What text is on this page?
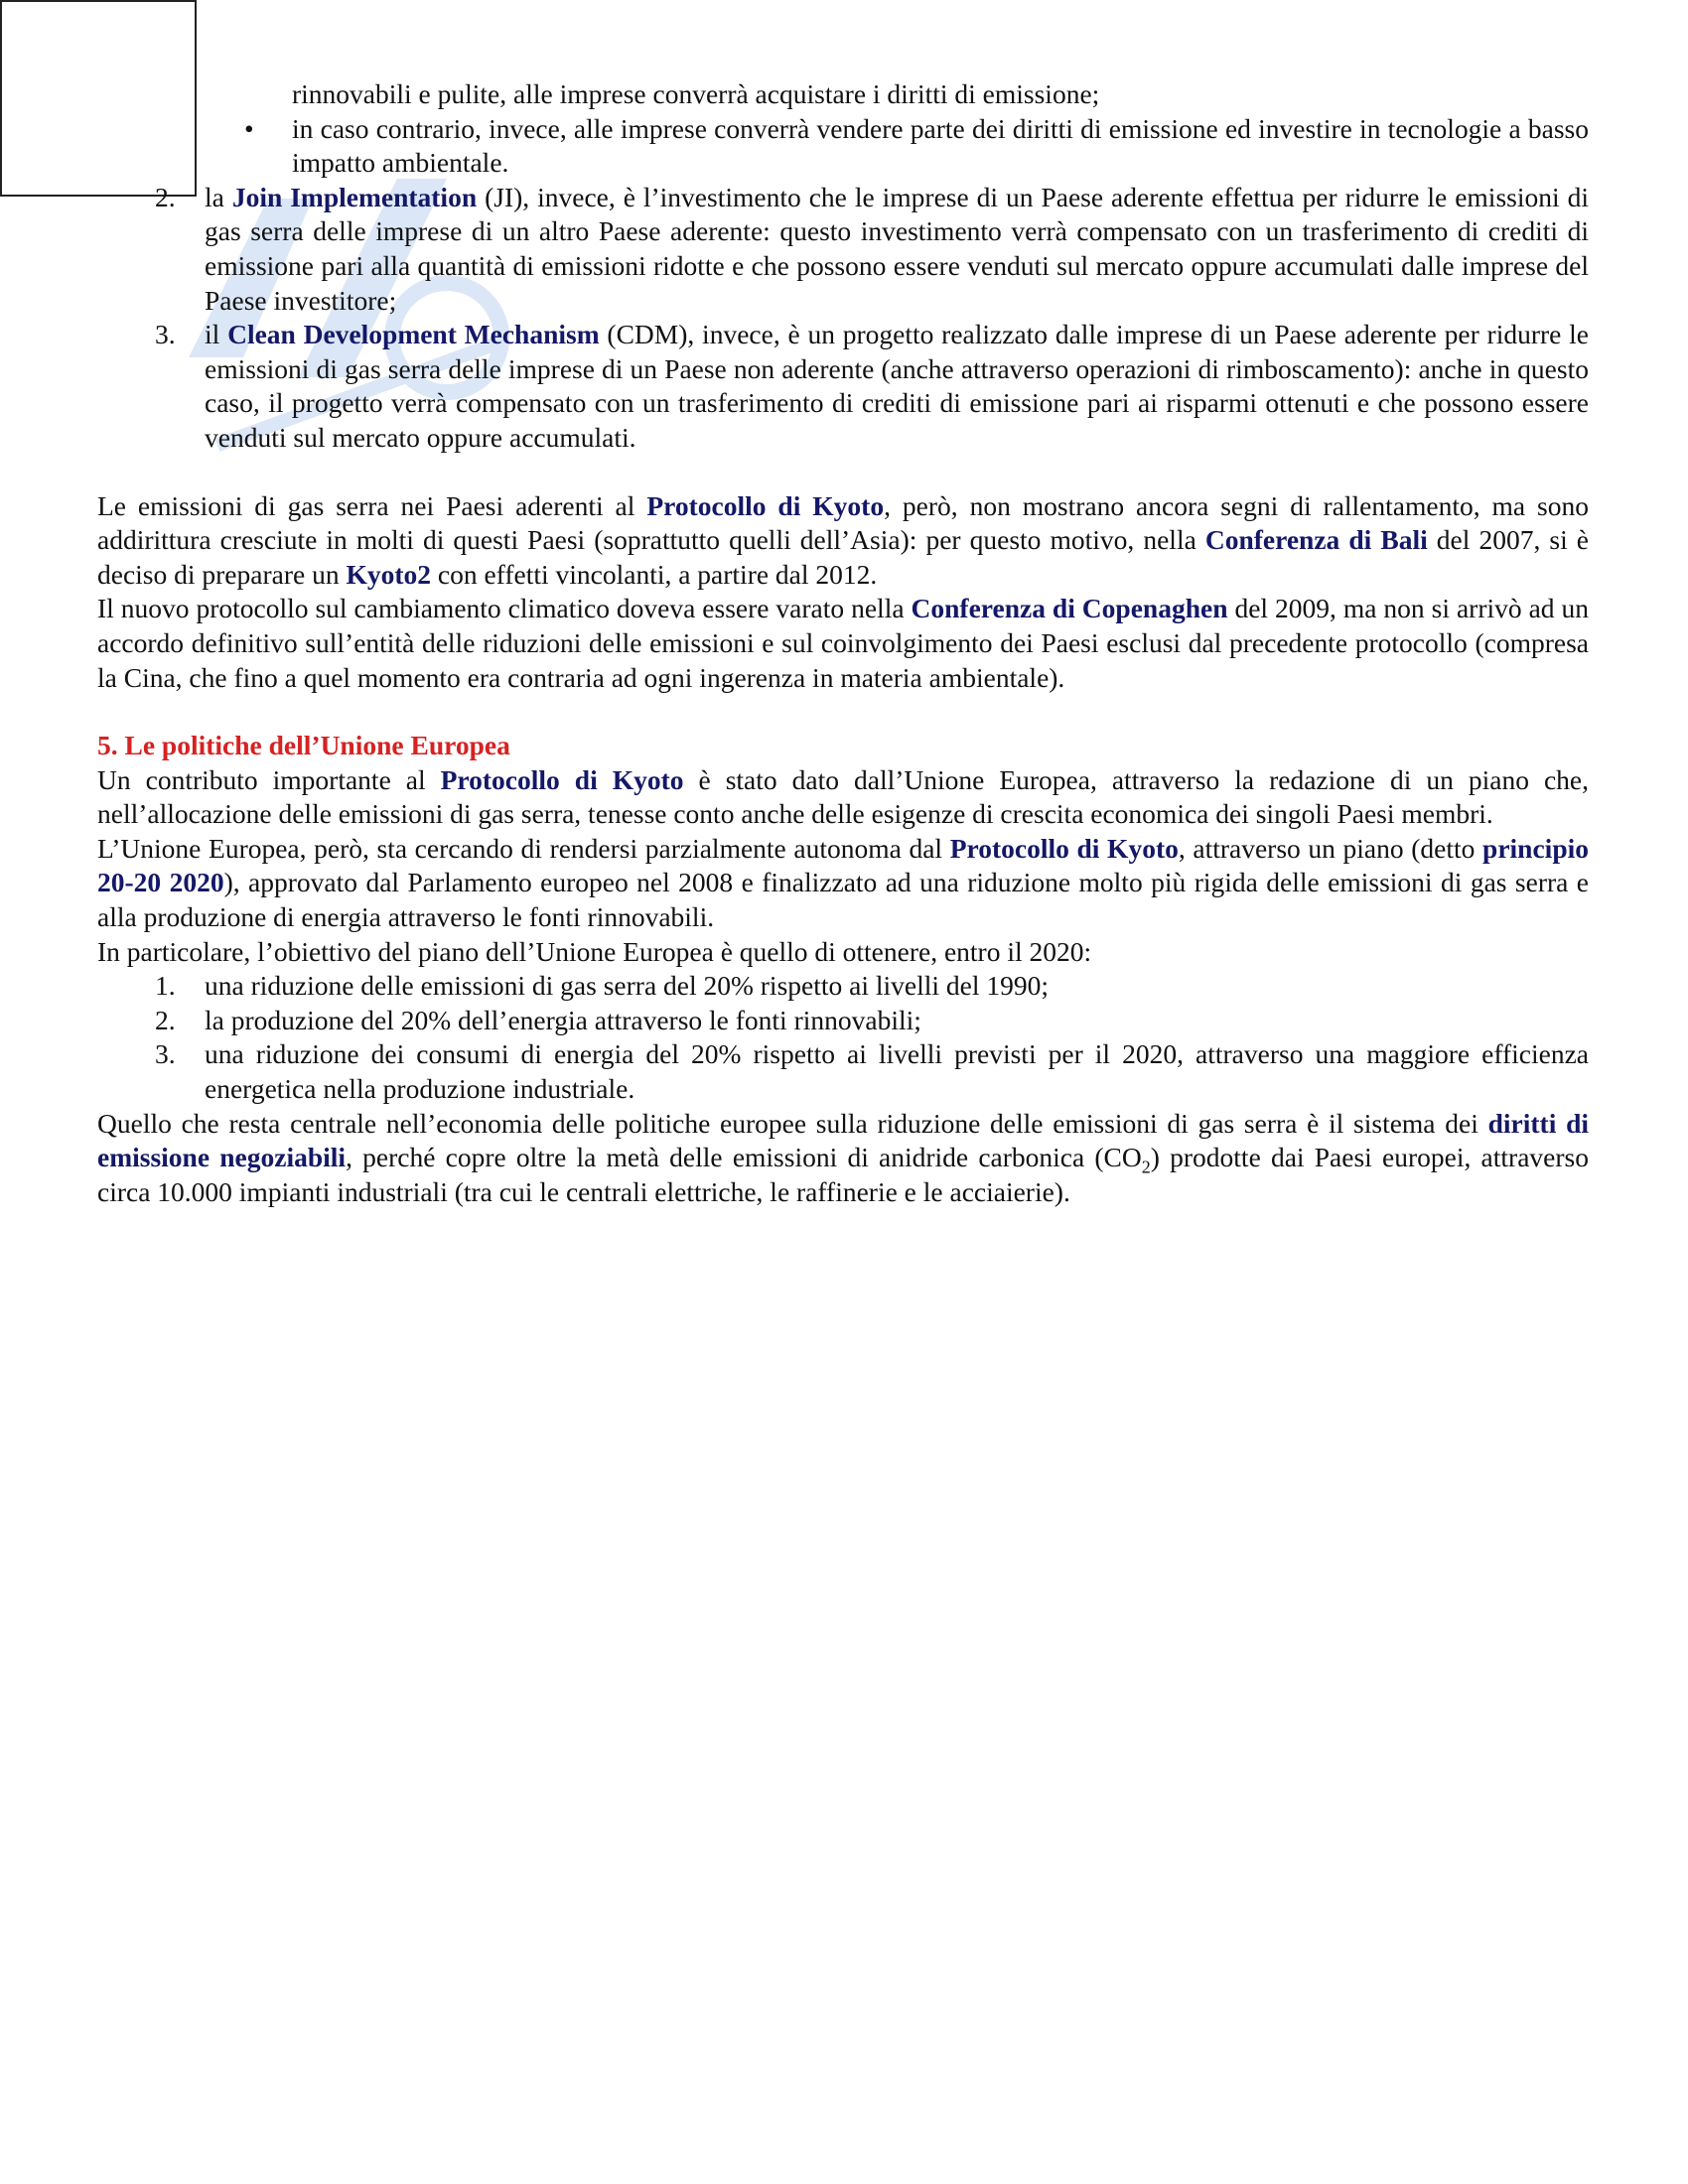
rinnovabili e pulite, alle imprese converrà acquistare i diritti di emissione;
• in caso contrario, invece, alle imprese converrà vendere parte dei diritti di emissione ed investire in tecnologie a basso impatto ambientale.
2. la Join Implementation (JI), invece, è l’investimento che le imprese di un Paese aderente effettua per ridurre le emissioni di gas serra delle imprese di un altro Paese aderente: questo investimento verrà compensato con un trasferimento di crediti di emissione pari alla quantità di emissioni ridotte e che possono essere venduti sul mercato oppure accumulati dalle imprese del Paese investitore;
3. il Clean Development Mechanism (CDM), invece, è un progetto realizzato dalle imprese di un Paese aderente per ridurre le emissioni di gas serra delle imprese di un Paese non aderente (anche attraverso operazioni di rimboscamento): anche in questo caso, il progetto verrà compensato con un trasferimento di crediti di emissione pari ai risparmi ottenuti e che possono essere venduti sul mercato oppure accumulati.
Le emissioni di gas serra nei Paesi aderenti al Protocollo di Kyoto, però, non mostrano ancora segni di rallentamento, ma sono addirittura cresciute in molti di questi Paesi (soprattutto quelli dell’Asia): per questo motivo, nella Conferenza di Bali del 2007, si è deciso di preparare un Kyoto2 con effetti vincolanti, a partire dal 2012.
Il nuovo protocollo sul cambiamento climatico doveva essere varato nella Conferenza di Copenaghen del 2009, ma non si arrivò ad un accordo definitivo sull’entità delle riduzioni delle emissioni e sul coinvolgimento dei Paesi esclusi dal precedente protocollo (compresa la Cina, che fino a quel momento era contraria ad ogni ingerenza in materia ambientale).
5. Le politiche dell’Unione Europea
Un contributo importante al Protocollo di Kyoto è stato dato dall’Unione Europea, attraverso la redazione di un piano che, nell’allocazione delle emissioni di gas serra, tenesse conto anche delle esigenze di crescita economica dei singoli Paesi membri.
L’Unione Europea, però, sta cercando di rendersi parzialmente autonoma dal Protocollo di Kyoto, attraverso un piano (detto principio 20-20 2020), approvato dal Parlamento europeo nel 2008 e finalizzato ad una riduzione molto più rigida delle emissioni di gas serra e alla produzione di energia attraverso le fonti rinnovabili.
In particolare, l’obiettivo del piano dell’Unione Europea è quello di ottenere, entro il 2020:
1. una riduzione delle emissioni di gas serra del 20% rispetto ai livelli del 1990;
2. la produzione del 20% dell’energia attraverso le fonti rinnovabili;
3. una riduzione dei consumi di energia del 20% rispetto ai livelli previsti per il 2020, attraverso una maggiore efficienza energetica nella produzione industriale.
Quello che resta centrale nell’economia delle politiche europee sulla riduzione delle emissioni di gas serra è il sistema dei diritti di emissione negoziabili, perché copre oltre la metà delle emissioni di anidride carbonica $(CO_2)$ prodotte dai Paesi europei, attraverso circa 10.000 impianti industriali (tra cui le centrali elettriche, le raffinerie e le acciaierie).
